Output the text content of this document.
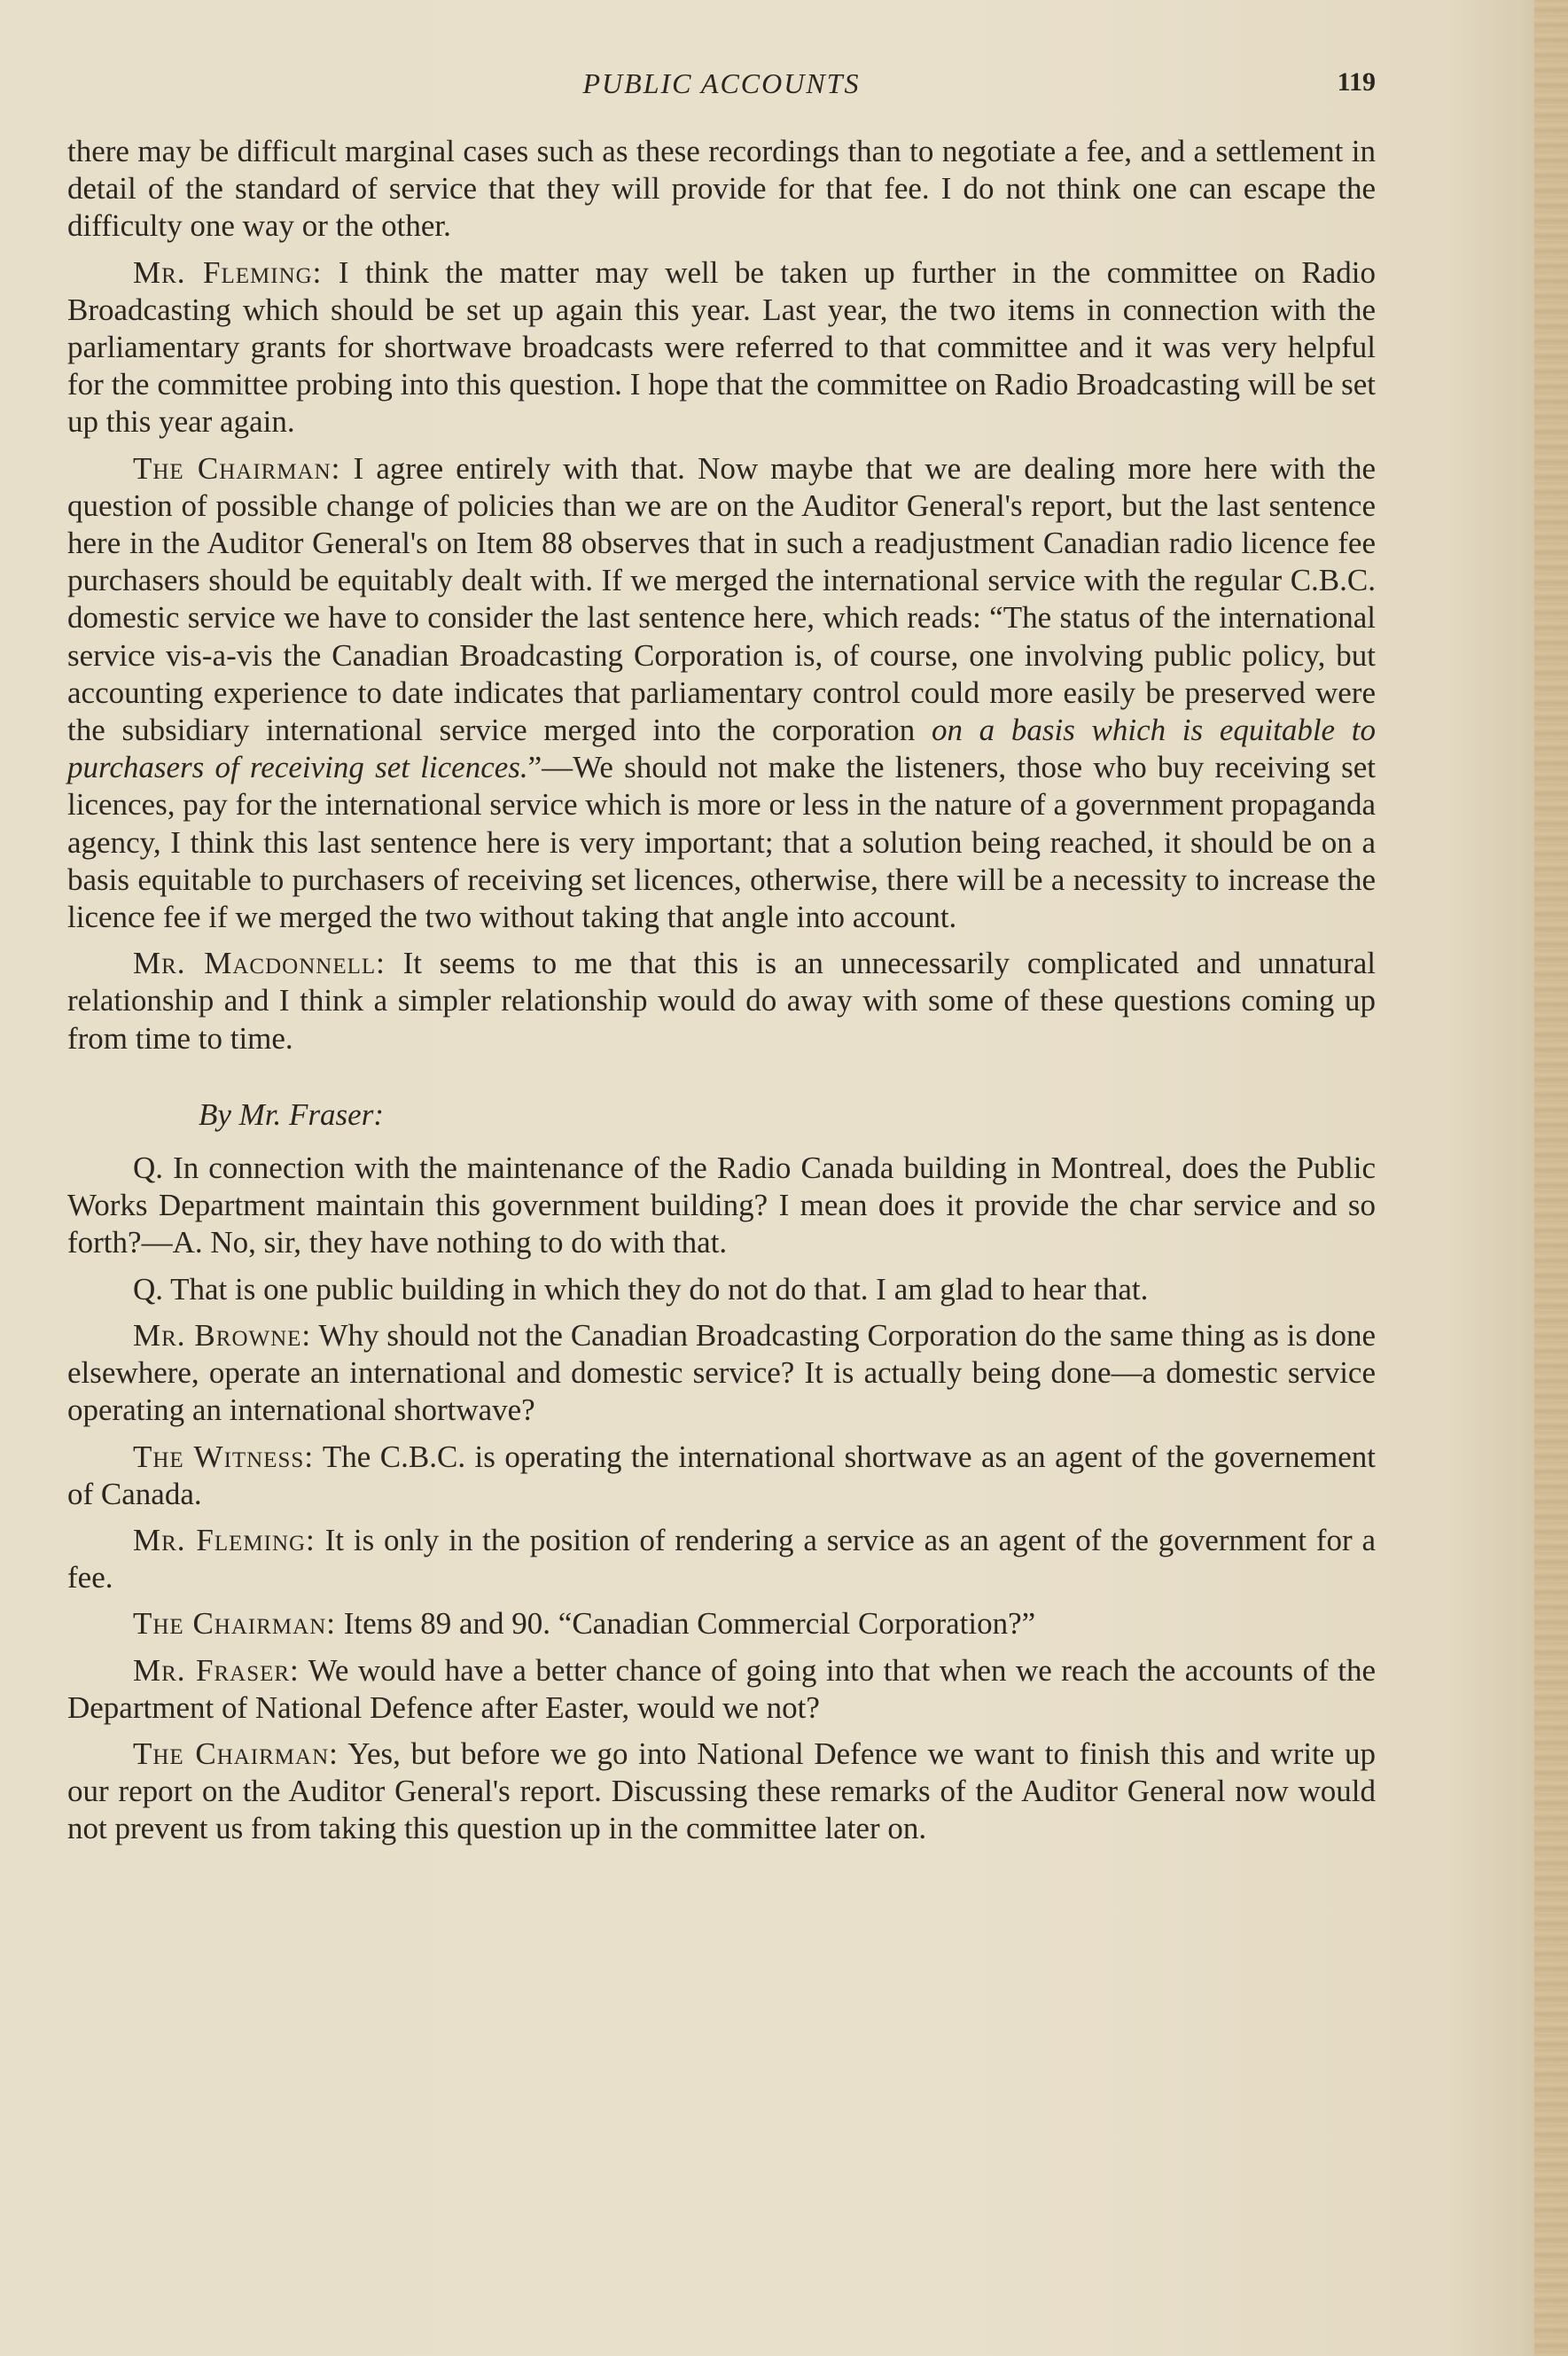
PUBLIC ACCOUNTS	119

there may be difficult marginal cases such as these recordings than to negotiate a fee, and a settlement in detail of the standard of service that they will provide for that fee. I do not think one can escape the difficulty one way or the other.

Mr. Fleming: I think the matter may well be taken up further in the committee on Radio Broadcasting which should be set up again this year. Last year, the two items in connection with the parliamentary grants for shortwave broadcasts were referred to that committee and it was very helpful for the committee probing into this question. I hope that the committee on Radio Broadcasting will be set up this year again.

The Chairman: I agree entirely with that. Now maybe that we are dealing more here with the question of possible change of policies than we are on the Auditor General's report, but the last sentence here in the Auditor General's on Item 88 observes that in such a readjustment Canadian radio licence fee purchasers should be equitably dealt with. If we merged the international service with the regular C.B.C. domestic service we have to consider the last sentence here, which reads: “The status of the international service vis-a-vis the Canadian Broadcasting Corporation is, of course, one involving public policy, but accounting experience to date indicates that parliamentary control could more easily be preserved were the subsidiary international service merged into the corporation on a basis which is equitable to purchasers of receiving set licences.”—We should not make the listeners, those who buy receiving set licences, pay for the international service which is more or less in the nature of a government propaganda agency, I think this last sentence here is very important; that a solution being reached, it should be on a basis equitable to purchasers of receiving set licences, otherwise, there will be a necessity to increase the licence fee if we merged the two without taking that angle into account.

Mr. Macdonnell: It seems to me that this is an unnecessarily complicated and unnatural relationship and I think a simpler relationship would do away with some of these questions coming up from time to time.

By Mr. Fraser:

Q. In connection with the maintenance of the Radio Canada building in Montreal, does the Public Works Department maintain this government building? I mean does it provide the char service and so forth?—A. No, sir, they have nothing to do with that.

Q. That is one public building in which they do not do that. I am glad to hear that.

Mr. Browne: Why should not the Canadian Broadcasting Corporation do the same thing as is done elsewhere, operate an international and domestic service? It is actually being done—a domestic service operating an international shortwave?

The Witness: The C.B.C. is operating the international shortwave as an agent of the governement of Canada.

Mr. Fleming: It is only in the position of rendering a service as an agent of the government for a fee.

The Chairman: Items 89 and 90. “Canadian Commercial Corporation?”

Mr. Fraser: We would have a better chance of going into that when we reach the accounts of the Department of National Defence after Easter, would we not?

The Chairman: Yes, but before we go into National Defence we want to finish this and write up our report on the Auditor General's report. Discussing these remarks of the Auditor General now would not prevent us from taking this question up in the committee later on.
